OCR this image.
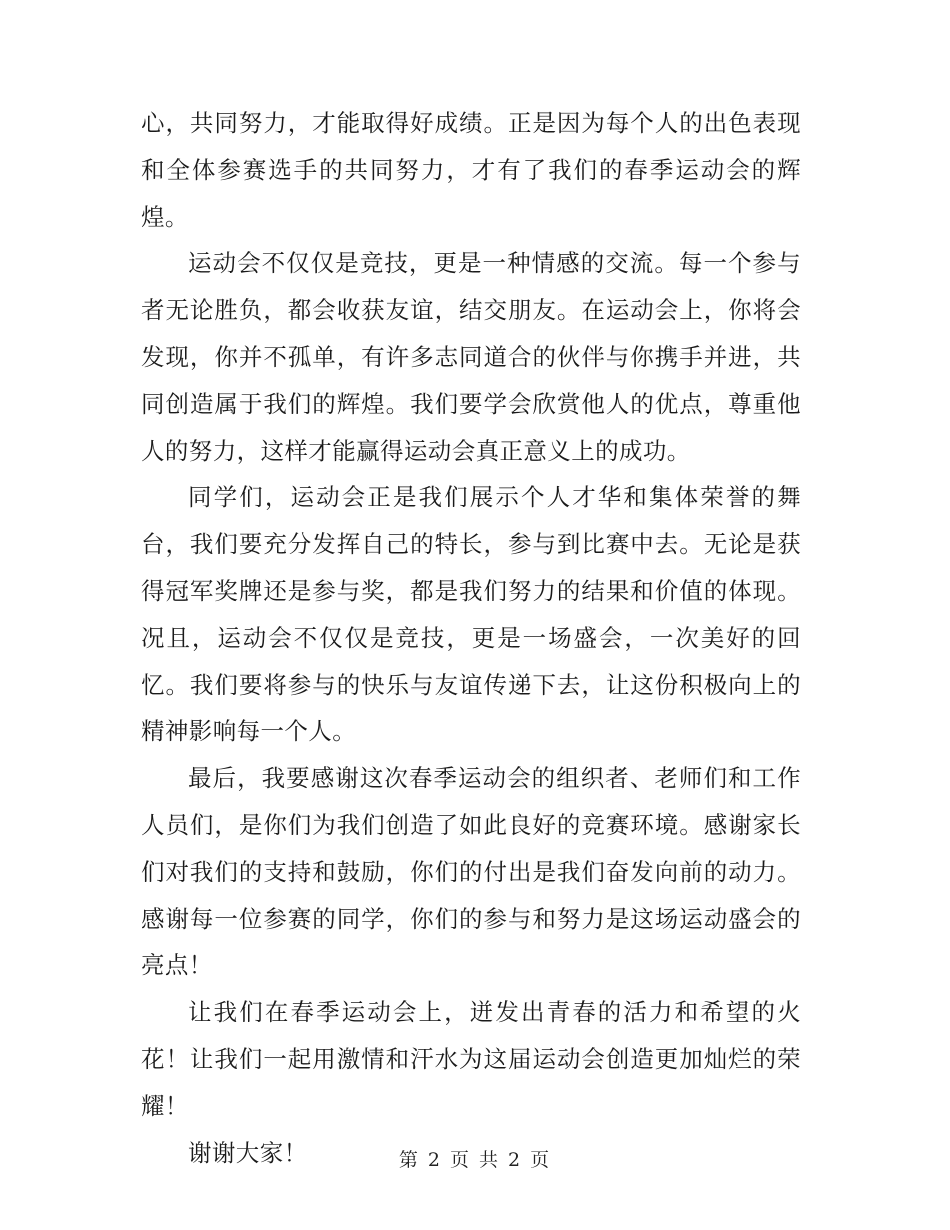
心，共同努力，才能取得好成绩。正是因为每个人的出色表现和全体参赛选手的共同努力，才有了我们的春季运动会的辉煌。

运动会不仅仅是竞技，更是一种情感的交流。每一个参与者无论胜负，都会收获友谊，结交朋友。在运动会上，你将会发现，你并不孤单，有许多志同道合的伙伴与你携手并进，共同创造属于我们的辉煌。我们要学会欣赏他人的优点，尊重他人的努力，这样才能赢得运动会真正意义上的成功。

同学们，运动会正是我们展示个人才华和集体荣誉的舞台，我们要充分发挥自己的特长，参与到比赛中去。无论是获得冠军奖牌还是参与奖，都是我们努力的结果和价值的体现。况且，运动会不仅仅是竞技，更是一场盛会，一次美好的回忆。我们要将参与的快乐与友谊传递下去，让这份积极向上的精神影响每一个人。

最后，我要感谢这次春季运动会的组织者、老师们和工作人员们，是你们为我们创造了如此良好的竞赛环境。感谢家长们对我们的支持和鼓励，你们的付出是我们奋发向前的动力。感谢每一位参赛的同学，你们的参与和努力是这场运动盛会的亮点！

让我们在春季运动会上，迸发出青春的活力和希望的火花！让我们一起用激情和汗水为这届运动会创造更加灿烂的荣耀！

谢谢大家！	第 2 页 共 2 页
